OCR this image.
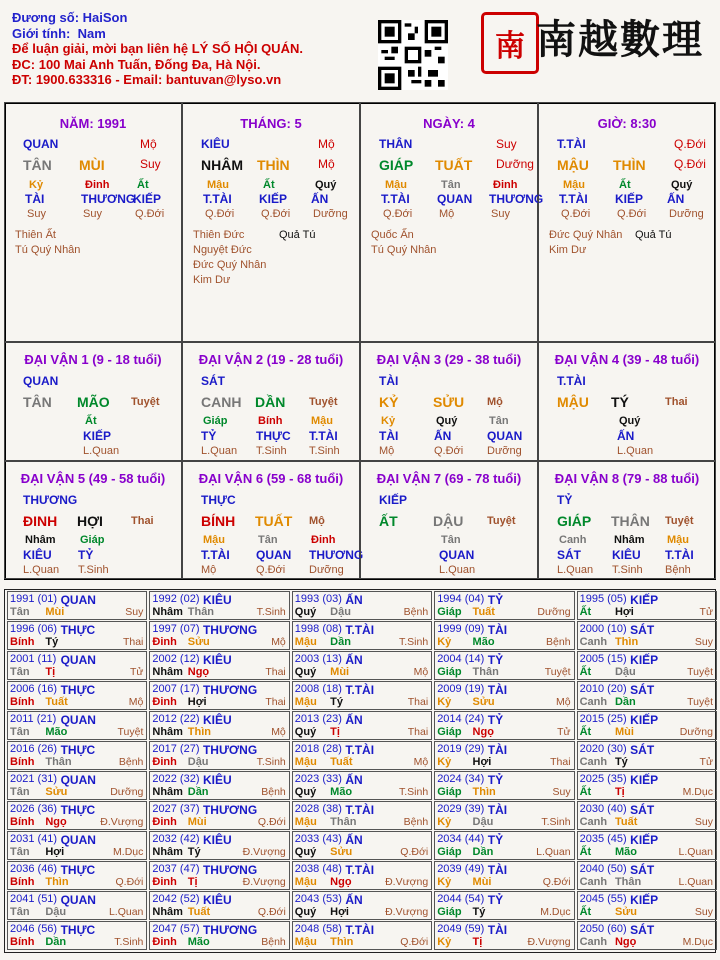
Đương số: HaiSon
Giới tính: Nam
Để luận giải, mời bạn liên hệ LÝ SỐ HỘI QUÁN.
ĐC: 100 Mai Anh Tuấn, Đống Đa, Hà Nội.
ĐT: 1900.633316 - Email: bantuvan@lyso.vn
南 南越數理
1991 (01) QUAN
Tân Mùi	Suy
1992 (02) KIÊU
Nhâm Thân	T.Sinh
1993 (03) ẤN
Quý Dậu	Bệnh
1994 (04) TỶ
Giáp Tuất	Dưỡng
1995 (05) KIẾP
Ất Hợi	Tử
1996 (06) THỰC
Bính Tý	Thai
1997 (07) THƯƠNG
Đinh Sửu	Mộ
1998 (08) T.TÀI
Mậu Dần	T.Sinh
1999 (09) TÀI
Kỷ Mão	Bệnh
2000 (10) SÁT
Canh Thìn	Suy
2001 (11) QUAN
Tân Tị	Tử
2002 (12) KIÊU
Nhâm Ngọ	Thai
2003 (13) ẤN
Quý Mùi	Mộ
2004 (14) TỶ
Giáp Thân	Tuyệt
2005 (15) KIẾP
Ất Dậu	Tuyệt
2006 (16) THỰC
Bính Tuất	Mộ
2007 (17) THƯƠNG
Đinh Hợi	Thai
2008 (18) T.TÀI
Mậu Tý	Thai
2009 (19) TÀI
Kỷ Sửu	Mộ
2010 (20) SÁT
Canh Dần	Tuyệt
2011 (21) QUAN
Tân Mão	Tuyệt
2012 (22) KIÊU
Nhâm Thìn	Mộ
2013 (23) ẤN
Quý Tị	Thai
2014 (24) TỶ
Giáp Ngọ	Tử
2015 (25) KIẾP
Ất Mùi	Dưỡng
2016 (26) THỰC
Bính Thân	Bệnh
2017 (27) THƯƠNG
Đinh Dậu	T.Sinh
2018 (28) T.TÀI
Mậu Tuất	Mộ
2019 (29) TÀI
Kỷ Hợi	Thai
2020 (30) SÁT
Canh Tý	Tử
2021 (31) QUAN
Tân Sửu	Dưỡng
2022 (32) KIÊU
Nhâm Dần	Bệnh
2023 (33) ẤN
Quý Mão	T.Sinh
2024 (34) TỶ
Giáp Thìn	Suy
2025 (35) KIẾP
Ất Tị	M.Dục
2026 (36) THỰC
Bính Ngọ	Đ.Vượng
2027 (37) THƯƠNG
Đinh Mùi	Q.Đới
2028 (38) T.TÀI
Mậu Thân	Bệnh
2029 (39) TÀI
Kỷ Dậu	T.Sinh
2030 (40) SÁT
Canh Tuất	Suy
2031 (41) QUAN
Tân Hợi	M.Dục
2032 (42) KIÊU
Nhâm Tý	Đ.Vượng
2033 (43) ẤN
Quý Sửu	Q.Đới
2034 (44) TỶ
Giáp Dần	L.Quan
2035 (45) KIẾP
Ất Mão	L.Quan
2036 (46) THỰC
Bính Thìn	Q.Đới
2037 (47) THƯƠNG
Đinh Tị	Đ.Vượng
2038 (48) T.TÀI
Mậu Ngọ	Đ.Vượng
2039 (49) TÀI
Kỷ Mùi	Q.Đới
2040 (50) SÁT
Canh Thân	L.Quan
2041 (51) QUAN
Tân Dậu	L.Quan
2042 (52) KIÊU
Nhâm Tuất	Q.Đới
2043 (53) ẤN
Quý Hợi	Đ.Vượng
2044 (54) TỶ
Giáp Tý	M.Dục
2045 (55) KIẾP
Ất Sửu	Suy
2046 (56) THỰC
Bính Dần	T.Sinh
2047 (57) THƯƠNG
Đinh Mão	Bệnh
2048 (58) T.TÀI
Mậu Thìn	Q.Đới
2049 (59) TÀI
Kỷ Tị	Đ.Vượng
2050 (60) SÁT
Canh Ngọ	M.Dục
NĂM: 1991
QUAN	Mộ
TÂN MÙI	Suy
Kỷ
TÀI
Suy
Đinh
THƯƠNG
Suy
Ất
KIẾP
Q.Đới
Thiên Ất
Tú Quý Nhân
THÁNG: 5
KIÊU	Mộ
NHÂM THÌN Mộ
Mậu
T.TÀI
Q.Đới
Ất
KIẾP
Q.Đới
Quý
ẤN
Dưỡng
Thiên Đức
Nguyệt Đức
Đức Quý Nhân
Kim Dư
Quả Tú
NGÀY: 4
THÂN	Suy
GIÁP TUẤT Dưỡng
Mậu
T.TÀI
Q.Đới
Tân
QUAN
Mộ
Đinh
THƯƠNG
Suy
Quốc Ấn
Tú Quý Nhân
GIỜ: 8:30
T.TÀI	Q.Đới
MẬU THÌN Q.Đới
Mậu
T.TÀI
Q.Đới
Ất
KIẾP
Q.Đới
Quý
ẤN
Dưỡng
Đức Quý Nhân
Kim Dư
Quả Tú
ĐẠI VẬN 1 (9 - 18 tuổi)
QUAN
TÂN MÃO Tuyệt
Ất
KIẾP
L.Quan
ĐẠI VẬN 2 (19 - 28 tuổi)
SÁT
CANH DẦN Tuyệt
Giáp
TỶ
L.Quan
Bính
THỰC
T.Sinh
Mậu
T.TÀI
T.Sinh
ĐẠI VẬN 3 (29 - 38 tuổi)
TÀI
KỶ SỬU Mộ
Kỷ
TÀI
Mộ
Quý
ẤN
Q.Đới
Tân
QUAN
Dưỡng
ĐẠI VẬN 4 (39 - 48 tuổi)
T.TÀI
MẬU TÝ	Thai
Quý
ẤN
L.Quan
ĐẠI VẬN 5 (49 - 58 tuổi)
THƯƠNG
ĐINH HỢI	Thai
Nhâm
KIÊU
L.Quan
Giáp
TỶ
T.Sinh
ĐẠI VẬN 6 (59 - 68 tuổi)
THỰC
BÍNH TUẤT Mộ
Mậu
T.TÀI
Mộ
Tân
QUAN
Q.Đới
Đinh
THƯƠNG
Dưỡng
ĐẠI VẬN 7 (69 - 78 tuổi)
KIẾP
ẤT	DẬU Tuyệt
Tân
QUAN
L.Quan
ĐẠI VẬN 8 (79 - 88 tuổi)
TỶ
GIÁP THÂN Tuyệt
Canh
SÁT
L.Quan
Nhâm
KIÊU
T.Sinh
Mậu
T.TÀI
Bệnh
